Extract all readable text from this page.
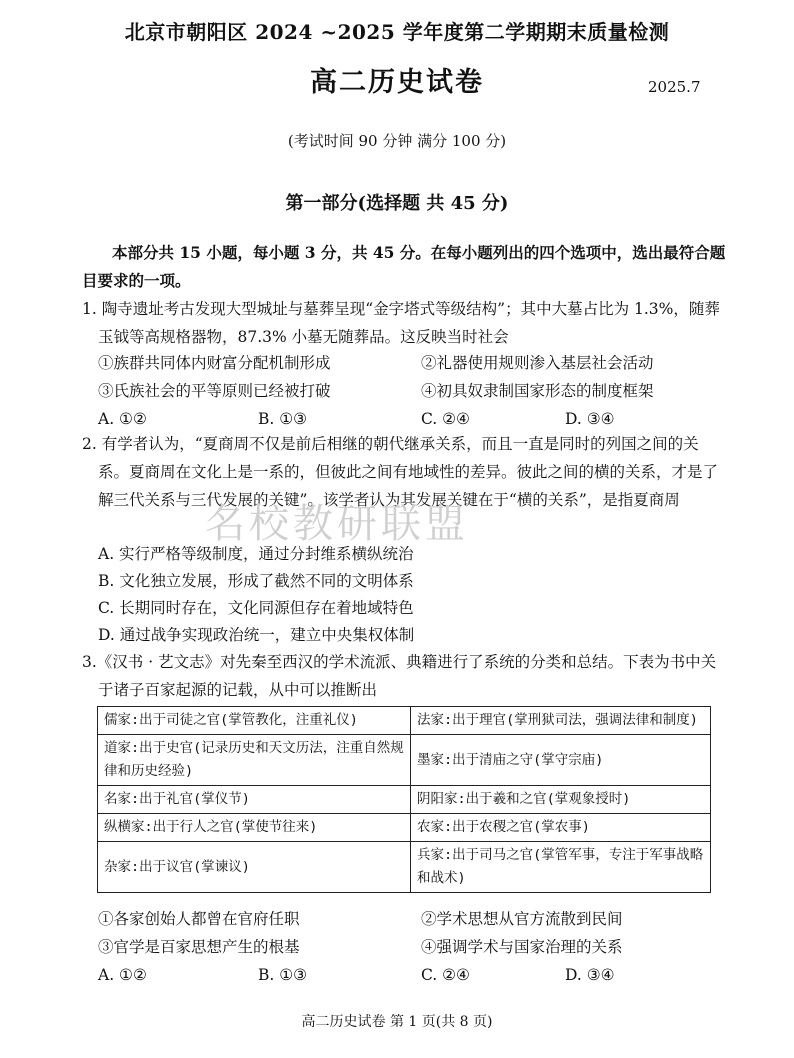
北京市朝阳区 2024 ~2025 学年度第二学期期末质量检测
高二历史试卷	2025.7
(考试时间 90 分钟 满分 100 分)
第一部分(选择题 共 45 分)
本部分共 15 小题，每小题 3 分，共 45 分。在每小题列出的四个选项中，选出最符合题目要求的一项。
1. 陶寺遗址考古发现大型城址与墓葬呈现“金字塔式等级结构”；其中大墓占比为 1.3%，随葬玉钺等高规格器物，87.3% 小墓无随葬品。这反映当时社会
①族群共同体内财富分配机制形成	②礼器使用规则渗入基层社会活动
③氏族社会的平等原则已经被打破	④初具奴隶制国家形态的制度框架
A. ①②	B. ①③	C. ②④	D. ③④
2. 有学者认为，“夏商周不仅是前后相继的朝代继承关系，而且一直是同时的列国之间的关系。夏商周在文化上是一系的，但彼此之间有地域性的差异。彼此之间的横的关系，才是了解三代关系与三代发展的关键”。该学者认为其发展关键在于“横的关系”，是指夏商周
名校教研联盟
A. 实行严格等级制度，通过分封维系横纵统治
B. 文化独立发展，形成了截然不同的文明体系
C. 长期同时存在，文化同源但存在着地域特色
D. 通过战争实现政治统一，建立中央集权体制
3.《汉书 · 艺文志》对先秦至西汉的学术流派、典籍进行了系统的分类和总结。下表为书中关于诸子百家起源的记载，从中可以推断出
儒家:出于司徒之官(掌管教化，注重礼仪)	法家:出于理官(掌刑狱司法，强调法律和制度)
道家:出于史官(记录历史和天文历法，注重自然规律和历史经验)	墨家:出于清庙之守(掌守宗庙)
名家:出于礼官(掌仪节)	阴阳家:出于羲和之官(掌观象授时)
纵横家:出于行人之官(掌使节往来)	农家:出于农稷之官(掌农事)
杂家:出于议官(掌谏议)	兵家:出于司马之官(掌管军事，专注于军事战略和战术)
①各家创始人都曾在官府任职	②学术思想从官方流散到民间
③官学是百家思想产生的根基	④强调学术与国家治理的关系
A. ①②	B. ①③	C. ②④	D. ③④
高二历史试卷 第 1 页(共 8 页)
